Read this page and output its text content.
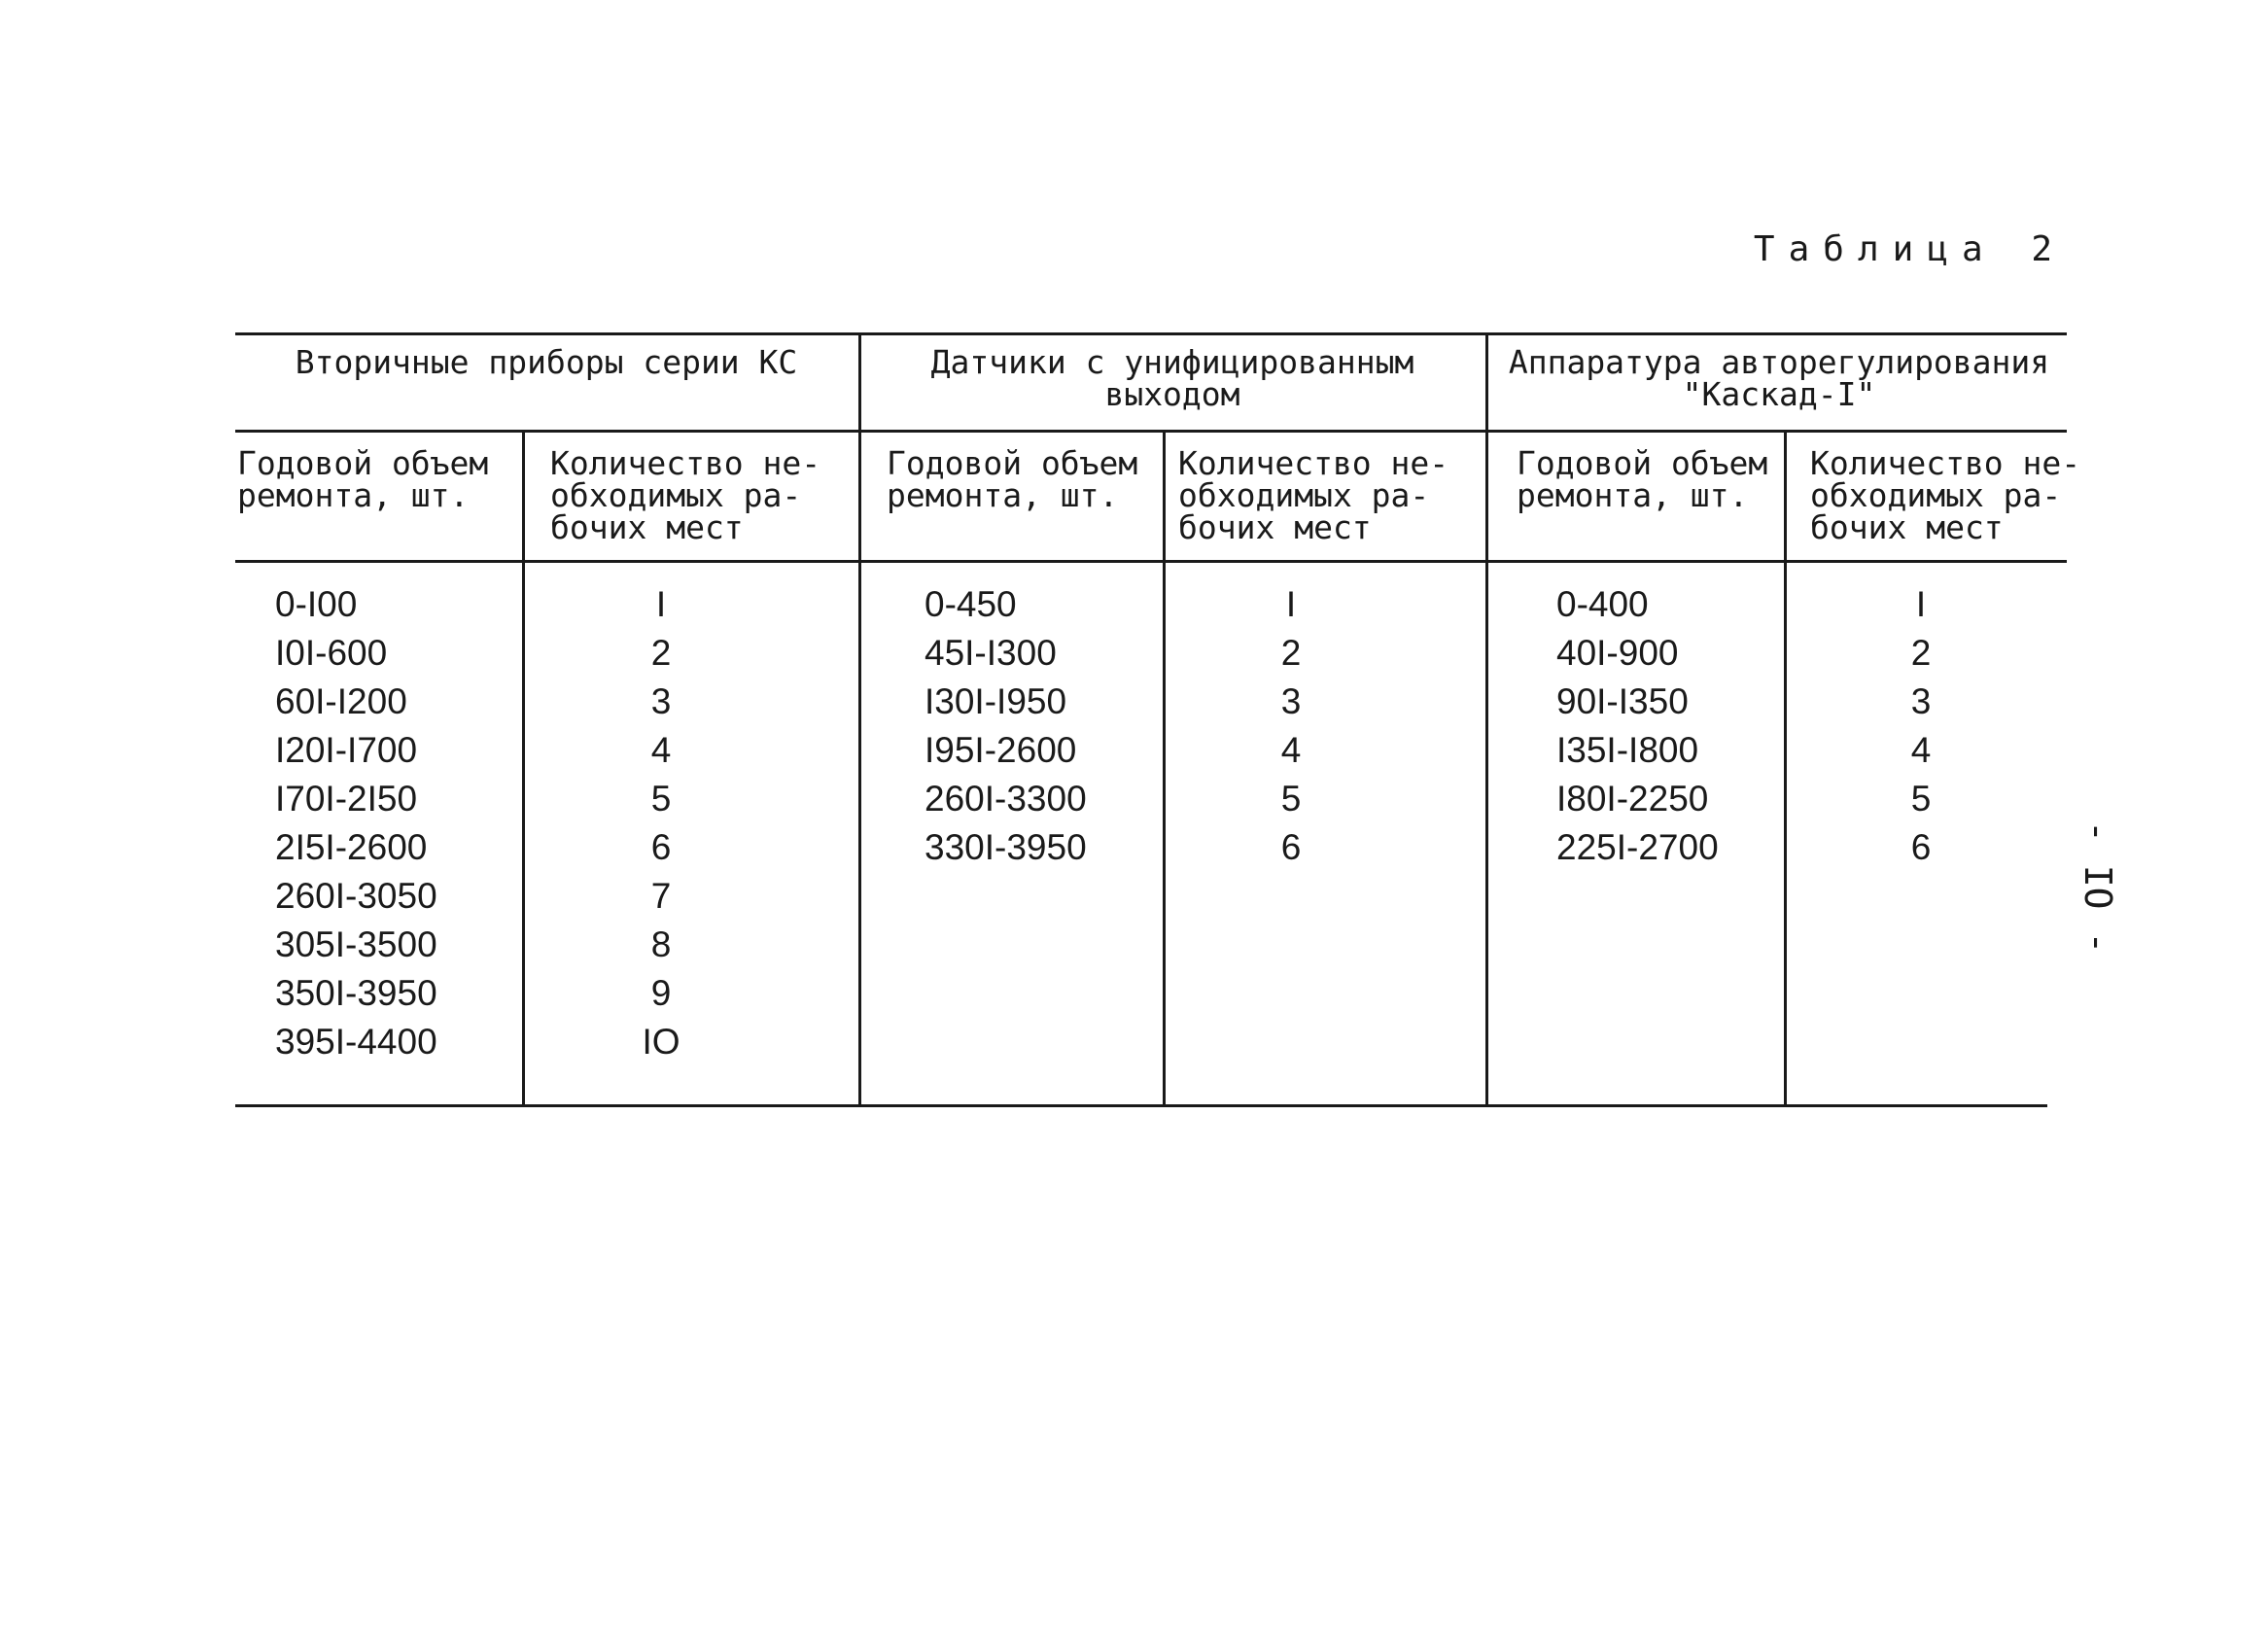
Таблица 2
- IO -
Вторичные приборы серии КС	Датчики с унифицированным
выходом
Аппаратура авторегулирования
"Каскад-I"
Годовой объем
ремонта, шт.
Количество не-
обходимых ра-
бочих мест
Годовой объем
ремонта, шт.
Количество не-
обходимых ра-
бочих мест
Годовой объем
ремонта, шт.
Количество не-
обходимых ра-
бочих мест
0-I00
I0I-600
60I-I200
I20I-I700
I70I-2I50
2I5I-2600
260I-3050
305I-3500
350I-3950
395I-4400
I
2
3
4
5
6
7
8
9
IO
0-450
45I-I300
I30I-I950
I95I-2600
260I-3300
330I-3950
I
2
3
4
5
6
0-400
40I-900
90I-I350
I35I-I800
I80I-2250
225I-2700
I
2
3
4
5
6
